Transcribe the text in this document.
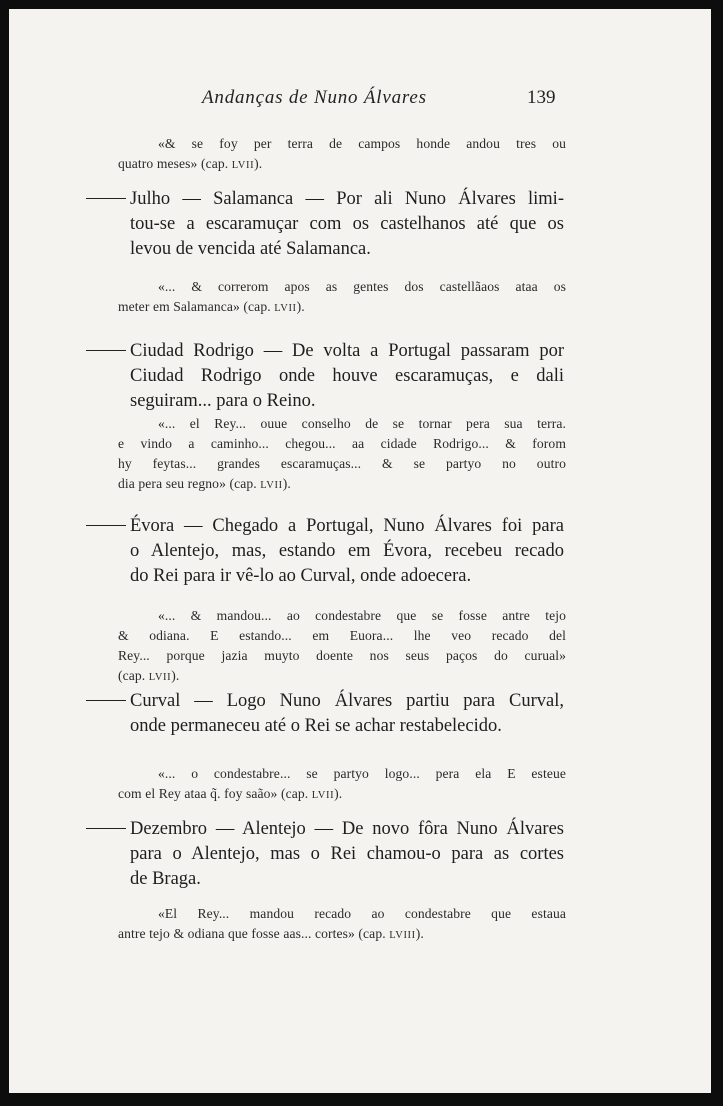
Andanças de Nuno Álvares	139
«& se foy per terra de campos honde andou tres ou
quatro meses» (cap. LVII).
Julho — Salamanca — Por ali Nuno Álvares limi-
tou-se a escaramuçar com os castelhanos até que os
levou de vencida até Salamanca.
«... & correrom apos as gentes dos castellãaos ataa os
meter em Salamanca» (cap. LVII).
Ciudad Rodrigo — De volta a Portugal passaram por
Ciudad Rodrigo onde houve escaramuças, e dali
seguiram... para o Reino.
«... el Rey... ouue conselho de se tornar pera sua terra.
e vindo a caminho... chegou... aa cidade Rodrigo... & forom
hy feytas... grandes escaramuças... & se partyo no outro
dia pera seu regno» (cap. LVII).
Évora — Chegado a Portugal, Nuno Álvares foi para
o Alentejo, mas, estando em Évora, recebeu recado
do Rei para ir vê-lo ao Curval, onde adoecera.
«... & mandou... ao condestabre que se fosse antre tejo
& odiana. E estando... em Euora... lhe veo recado del
Rey... porque jazia muyto doente nos seus paços do curual»
(cap. LVII).
Curval — Logo Nuno Álvares partiu para Curval,
onde permaneceu até o Rei se achar restabelecido.
«... o condestabre... se partyo logo... pera ela E esteue
com el Rey ataa q̃. foy saão» (cap. LVII).
Dezembro — Alentejo — De novo fôra Nuno Álvares
para o Alentejo, mas o Rei chamou-o para as cortes
de Braga.
«El Rey... mandou recado ao condestabre que estaua
antre tejo & odiana que fosse aas... cortes» (cap. LVIII).
